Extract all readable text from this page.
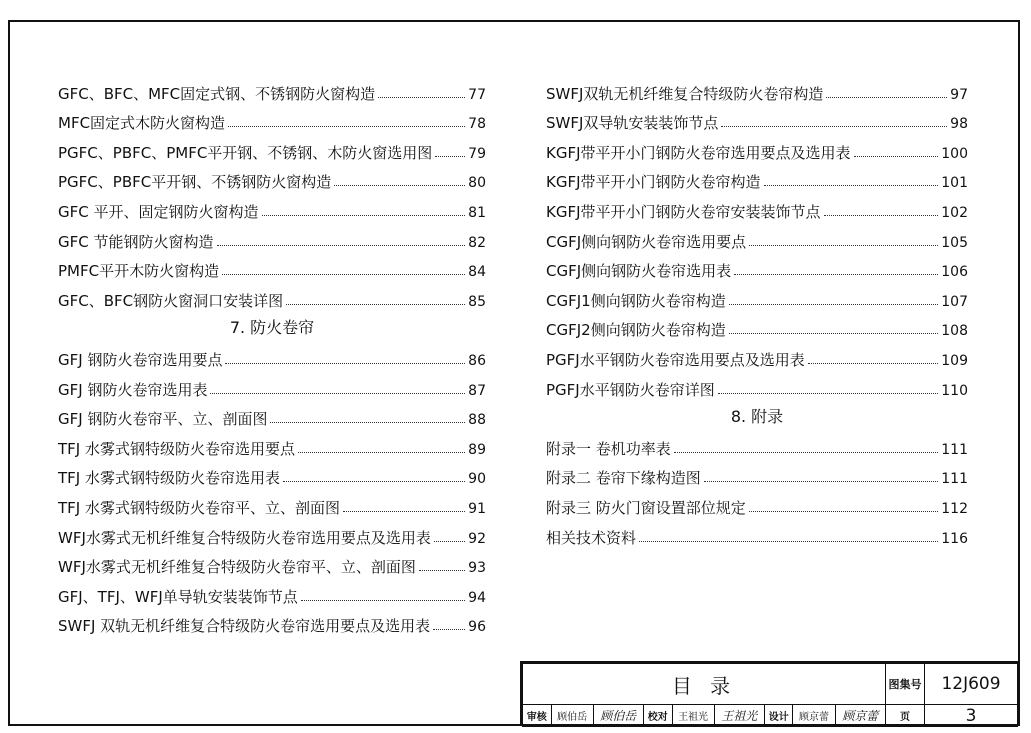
GFC、BFC、MFC固定式钢、不锈钢防火窗构造	77
MFC固定式木防火窗构造	78
PGFC、PBFC、PMFC平开钢、不锈钢、木防火窗选用图	79
PGFC、PBFC平开钢、不锈钢防火窗构造	80
GFC 平开、固定钢防火窗构造	81
GFC 节能钢防火窗构造	82
PMFC平开木防火窗构造	84
GFC、BFC钢防火窗洞口安装详图	85
7. 防火卷帘
GFJ 钢防火卷帘选用要点	86
GFJ 钢防火卷帘选用表	87
GFJ 钢防火卷帘平、立、剖面图	88
TFJ 水雾式钢特级防火卷帘选用要点	89
TFJ 水雾式钢特级防火卷帘选用表	90
TFJ 水雾式钢特级防火卷帘平、立、剖面图	91
WFJ水雾式无机纤维复合特级防火卷帘选用要点及选用表	92
WFJ水雾式无机纤维复合特级防火卷帘平、立、剖面图	93
GFJ、TFJ、WFJ单导轨安装装饰节点	94
SWFJ 双轨无机纤维复合特级防火卷帘选用要点及选用表	96
SWFJ双轨无机纤维复合特级防火卷帘构造	97
SWFJ双导轨安装装饰节点	98
KGFJ带平开小门钢防火卷帘选用要点及选用表	100
KGFJ带平开小门钢防火卷帘构造	101
KGFJ带平开小门钢防火卷帘安装装饰节点	102
CGFJ侧向钢防火卷帘选用要点	105
CGFJ侧向钢防火卷帘选用表	106
CGFJ1侧向钢防火卷帘构造	107
CGFJ2侧向钢防火卷帘构造	108
PGFJ水平钢防火卷帘选用要点及选用表	109
PGFJ水平钢防火卷帘详图	110
8. 附录
附录一 卷机功率表	111
附录二 卷帘下缘构造图	111
附录三 防火门窗设置部位规定	112
相关技术资料	116
目 录									图集号	12J609
审核	顾伯岳	顾伯岳	校对	王祖光	王祖光	设计	顾京蕾	顾京蕾	页	3
